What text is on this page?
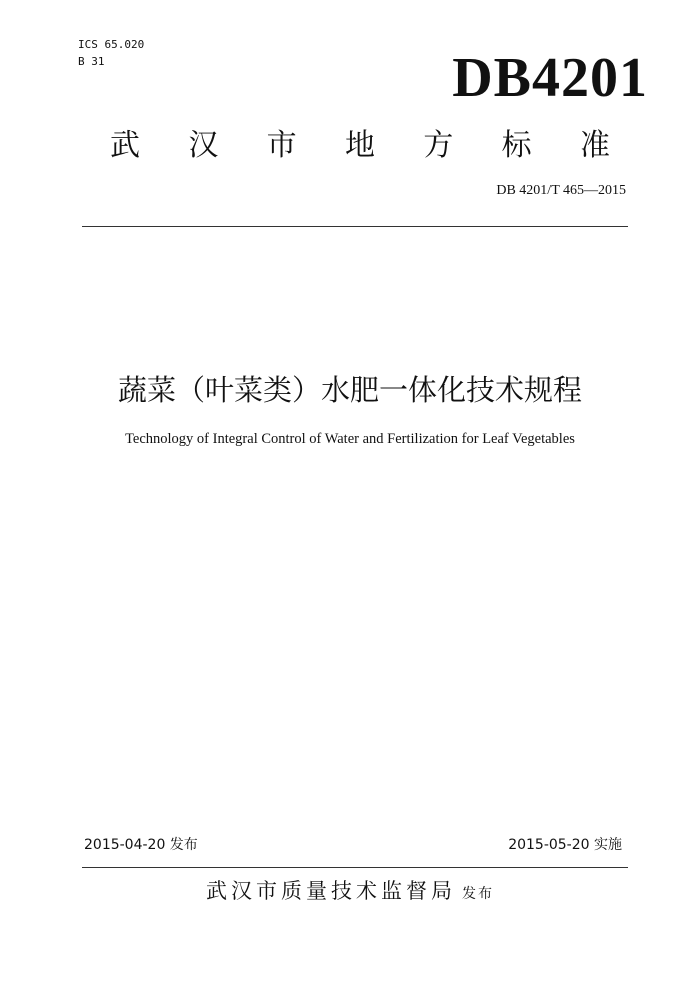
ICS 65.020
B 31	DB4201
武 汉 市 地 方 标 准
DB 4201/T 465—2015
蔬菜（叶菜类）水肥一体化技术规程
Technology of Integral Control of Water and Fertilization for Leaf Vegetables
2015-04-20 发布	2015-05-20 实施
武汉市质量技术监督局 发布
